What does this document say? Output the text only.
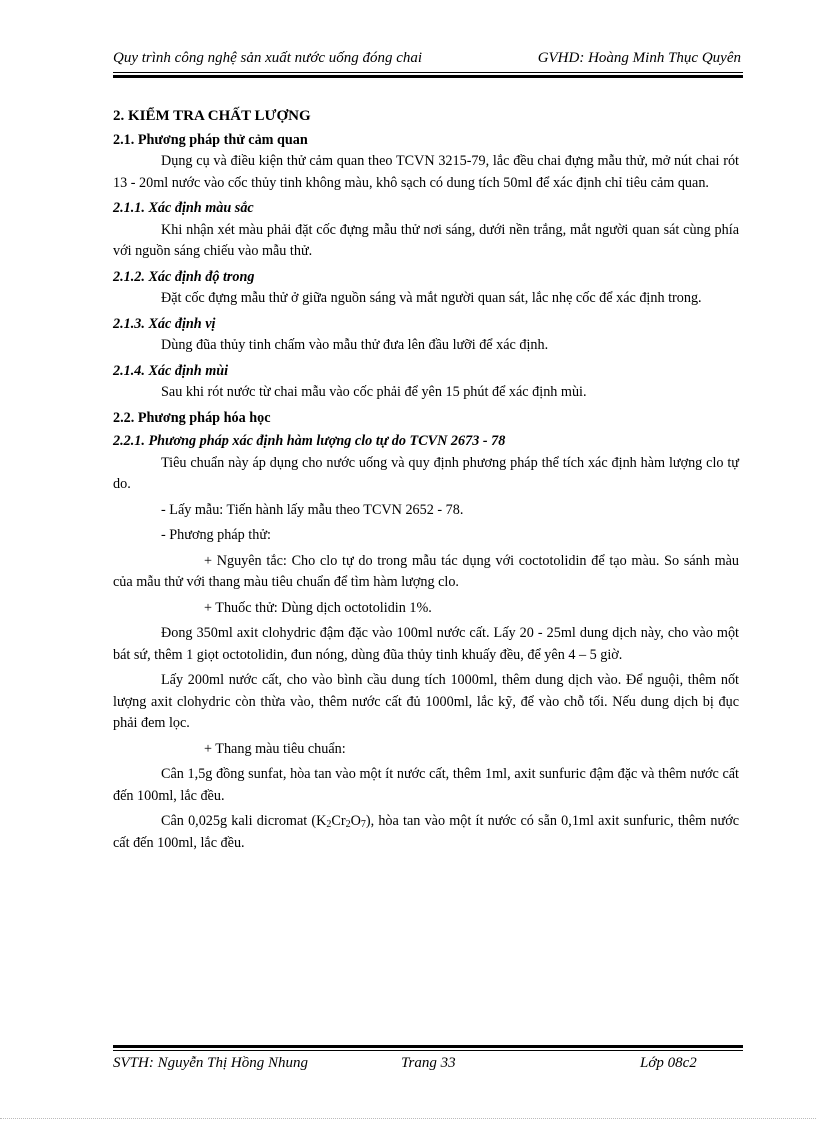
Quy trình công nghệ sản xuất nước uống đóng chai	GVHD: Hoàng Minh Thục Quyên

2. KIỂM TRA CHẤT LƯỢNG

2.1. Phương pháp thử cảm quan

Dụng cụ và điều kiện thử cảm quan theo TCVN 3215-79, lắc đều chai đựng mẫu thử, mở nút chai rót 13 - 20ml nước vào cốc thủy tinh không màu, khô sạch có dung tích 50ml để xác định chỉ tiêu cảm quan.

2.1.1. Xác định màu sắc

Khi nhận xét màu phải đặt cốc đựng mẫu thử nơi sáng, dưới nền trắng, mắt người quan sát cùng phía với nguồn sáng chiếu vào mẫu thử.

2.1.2. Xác định độ trong

Đặt cốc đựng mẫu thử ở giữa nguồn sáng và mắt người quan sát, lắc nhẹ cốc để xác định trong.

2.1.3. Xác định vị

Dùng đũa thủy tinh chấm vào mẫu thử đưa lên đầu lưỡi để xác định.

2.1.4. Xác định mùi

Sau khi rót nước từ chai mẫu vào cốc phải để yên 15 phút để xác định mùi.

2.2. Phương pháp hóa học

2.2.1. Phương pháp xác định hàm lượng clo tự do TCVN 2673 - 78

Tiêu chuẩn này áp dụng cho nước uống và quy định phương pháp thể tích xác định hàm lượng clo tự do.

- Lấy mẫu: Tiến hành lấy mẫu theo TCVN 2652 - 78.

- Phương pháp thử:

+ Nguyên tắc: Cho clo tự do trong mẫu tác dụng với coctotolidin để tạo màu. So sánh màu của mẫu thử với thang màu tiêu chuẩn để tìm hàm lượng clo.

+ Thuốc thử: Dùng dịch octotolidin 1%.

Đong 350ml axit clohydric đậm đặc vào 100ml nước cất. Lấy 20 - 25ml dung dịch này, cho vào một bát sứ, thêm 1 giọt octotolidin, đun nóng, dùng đũa thủy tinh khuấy đều, để yên 4 – 5 giờ.

Lấy 200ml nước cất, cho vào bình cầu dung tích 1000ml, thêm dung dịch vào. Để nguội, thêm nốt lượng axit clohydric còn thừa vào, thêm nước cất đủ 1000ml, lắc kỹ, để vào chỗ tối. Nếu dung dịch bị đục phải đem lọc.

+ Thang màu tiêu chuẩn:

Cân 1,5g đồng sunfat, hòa tan vào một ít nước cất, thêm 1ml, axit sunfuric đậm đặc và thêm nước cất đến 100ml, lắc đều.

Cân 0,025g kali dicromat $(K_2Cr_2O_7)$, hòa tan vào một ít nước có sẵn 0,1ml axit sunfuric, thêm nước cất đến 100ml, lắc đều.

SVTH: Nguyễn Thị Hồng Nhung	Trang 33	Lớp 08c2
